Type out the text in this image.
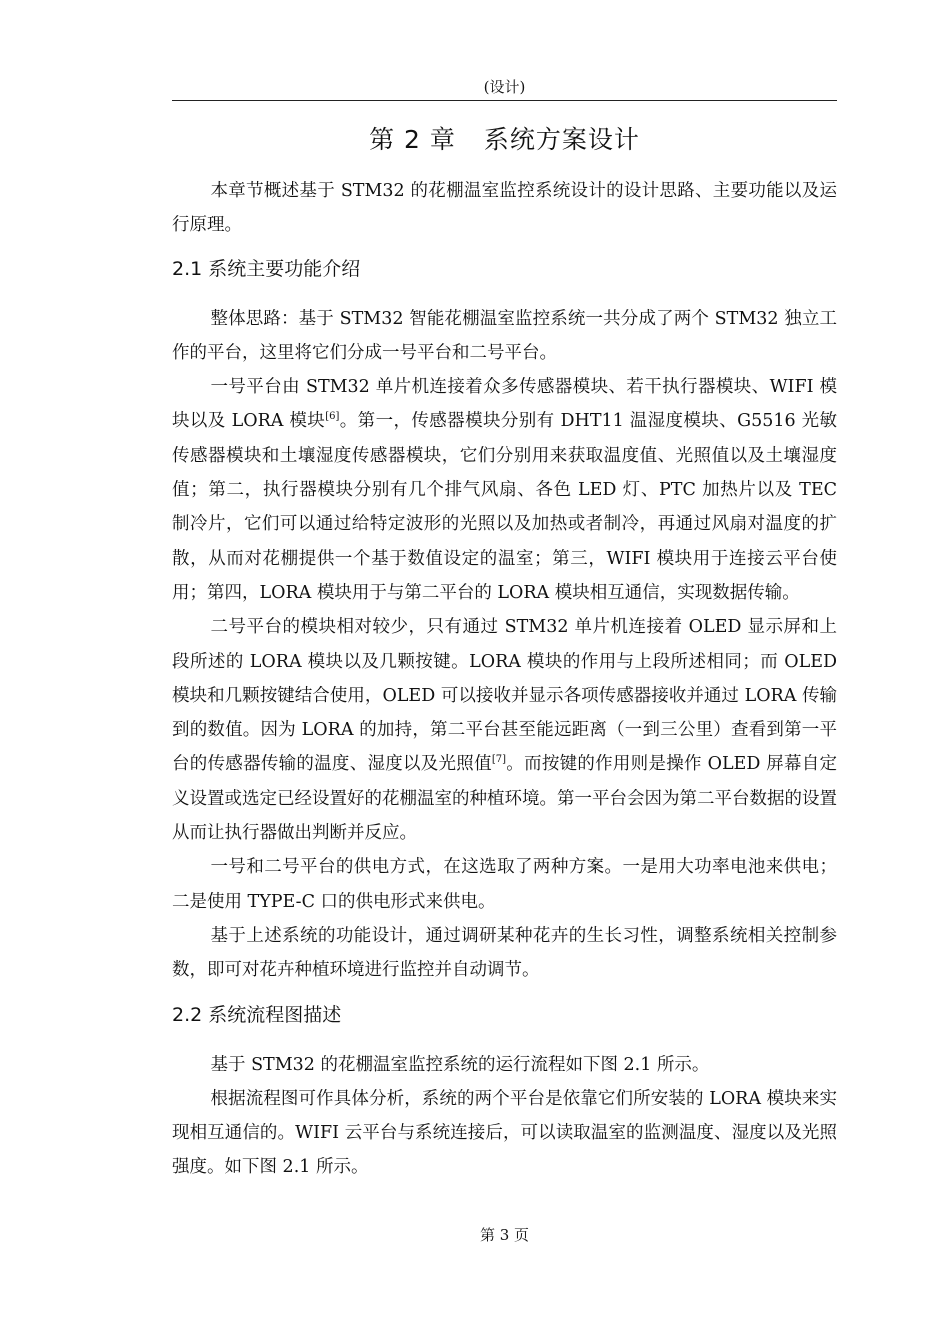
(设计)
第 2 章 系统方案设计

本章节概述基于 STM32 的花棚温室监控系统设计的设计思路、主要功能以及运行原理。

2.1 系统主要功能介绍

整体思路：基于 STM32 智能花棚温室监控系统一共分成了两个 STM32 独立工作的平台，这里将它们分成一号平台和二号平台。

一号平台由 STM32 单片机连接着众多传感器模块、若干执行器模块、WIFI 模块以及 LORA 模块[6]。第一，传感器模块分别有 DHT11 温湿度模块、G5516 光敏传感器模块和土壤湿度传感器模块，它们分别用来获取温度值、光照值以及土壤湿度值；第二，执行器模块分别有几个排气风扇、各色 LED 灯、PTC 加热片以及 TEC 制冷片，它们可以通过给特定波形的光照以及加热或者制冷，再通过风扇对温度的扩散，从而对花棚提供一个基于数值设定的温室；第三，WIFI 模块用于连接云平台使用；第四，LORA 模块用于与第二平台的 LORA 模块相互通信，实现数据传输。

二号平台的模块相对较少，只有通过 STM32 单片机连接着 OLED 显示屏和上段所述的 LORA 模块以及几颗按键。LORA 模块的作用与上段所述相同；而 OLED 模块和几颗按键结合使用，OLED 可以接收并显示各项传感器接收并通过 LORA 传输到的数值。因为 LORA 的加持，第二平台甚至能远距离（一到三公里）查看到第一平台的传感器传输的温度、湿度以及光照值[7]。而按键的作用则是操作 OLED 屏幕自定义设置或选定已经设置好的花棚温室的种植环境。第一平台会因为第二平台数据的设置从而让执行器做出判断并反应。

一号和二号平台的供电方式，在这选取了两种方案。一是用大功率电池来供电；二是使用 TYPE-C 口的供电形式来供电。

基于上述系统的功能设计，通过调研某种花卉的生长习性，调整系统相关控制参数，即可对花卉种植环境进行监控并自动调节。

2.2 系统流程图描述

基于 STM32 的花棚温室监控系统的运行流程如下图 2.1 所示。

根据流程图可作具体分析，系统的两个平台是依靠它们所安装的 LORA 模块来实现相互通信的。WIFI 云平台与系统连接后，可以读取温室的监测温度、湿度以及光照强度。如下图 2.1 所示。

第 3 页
